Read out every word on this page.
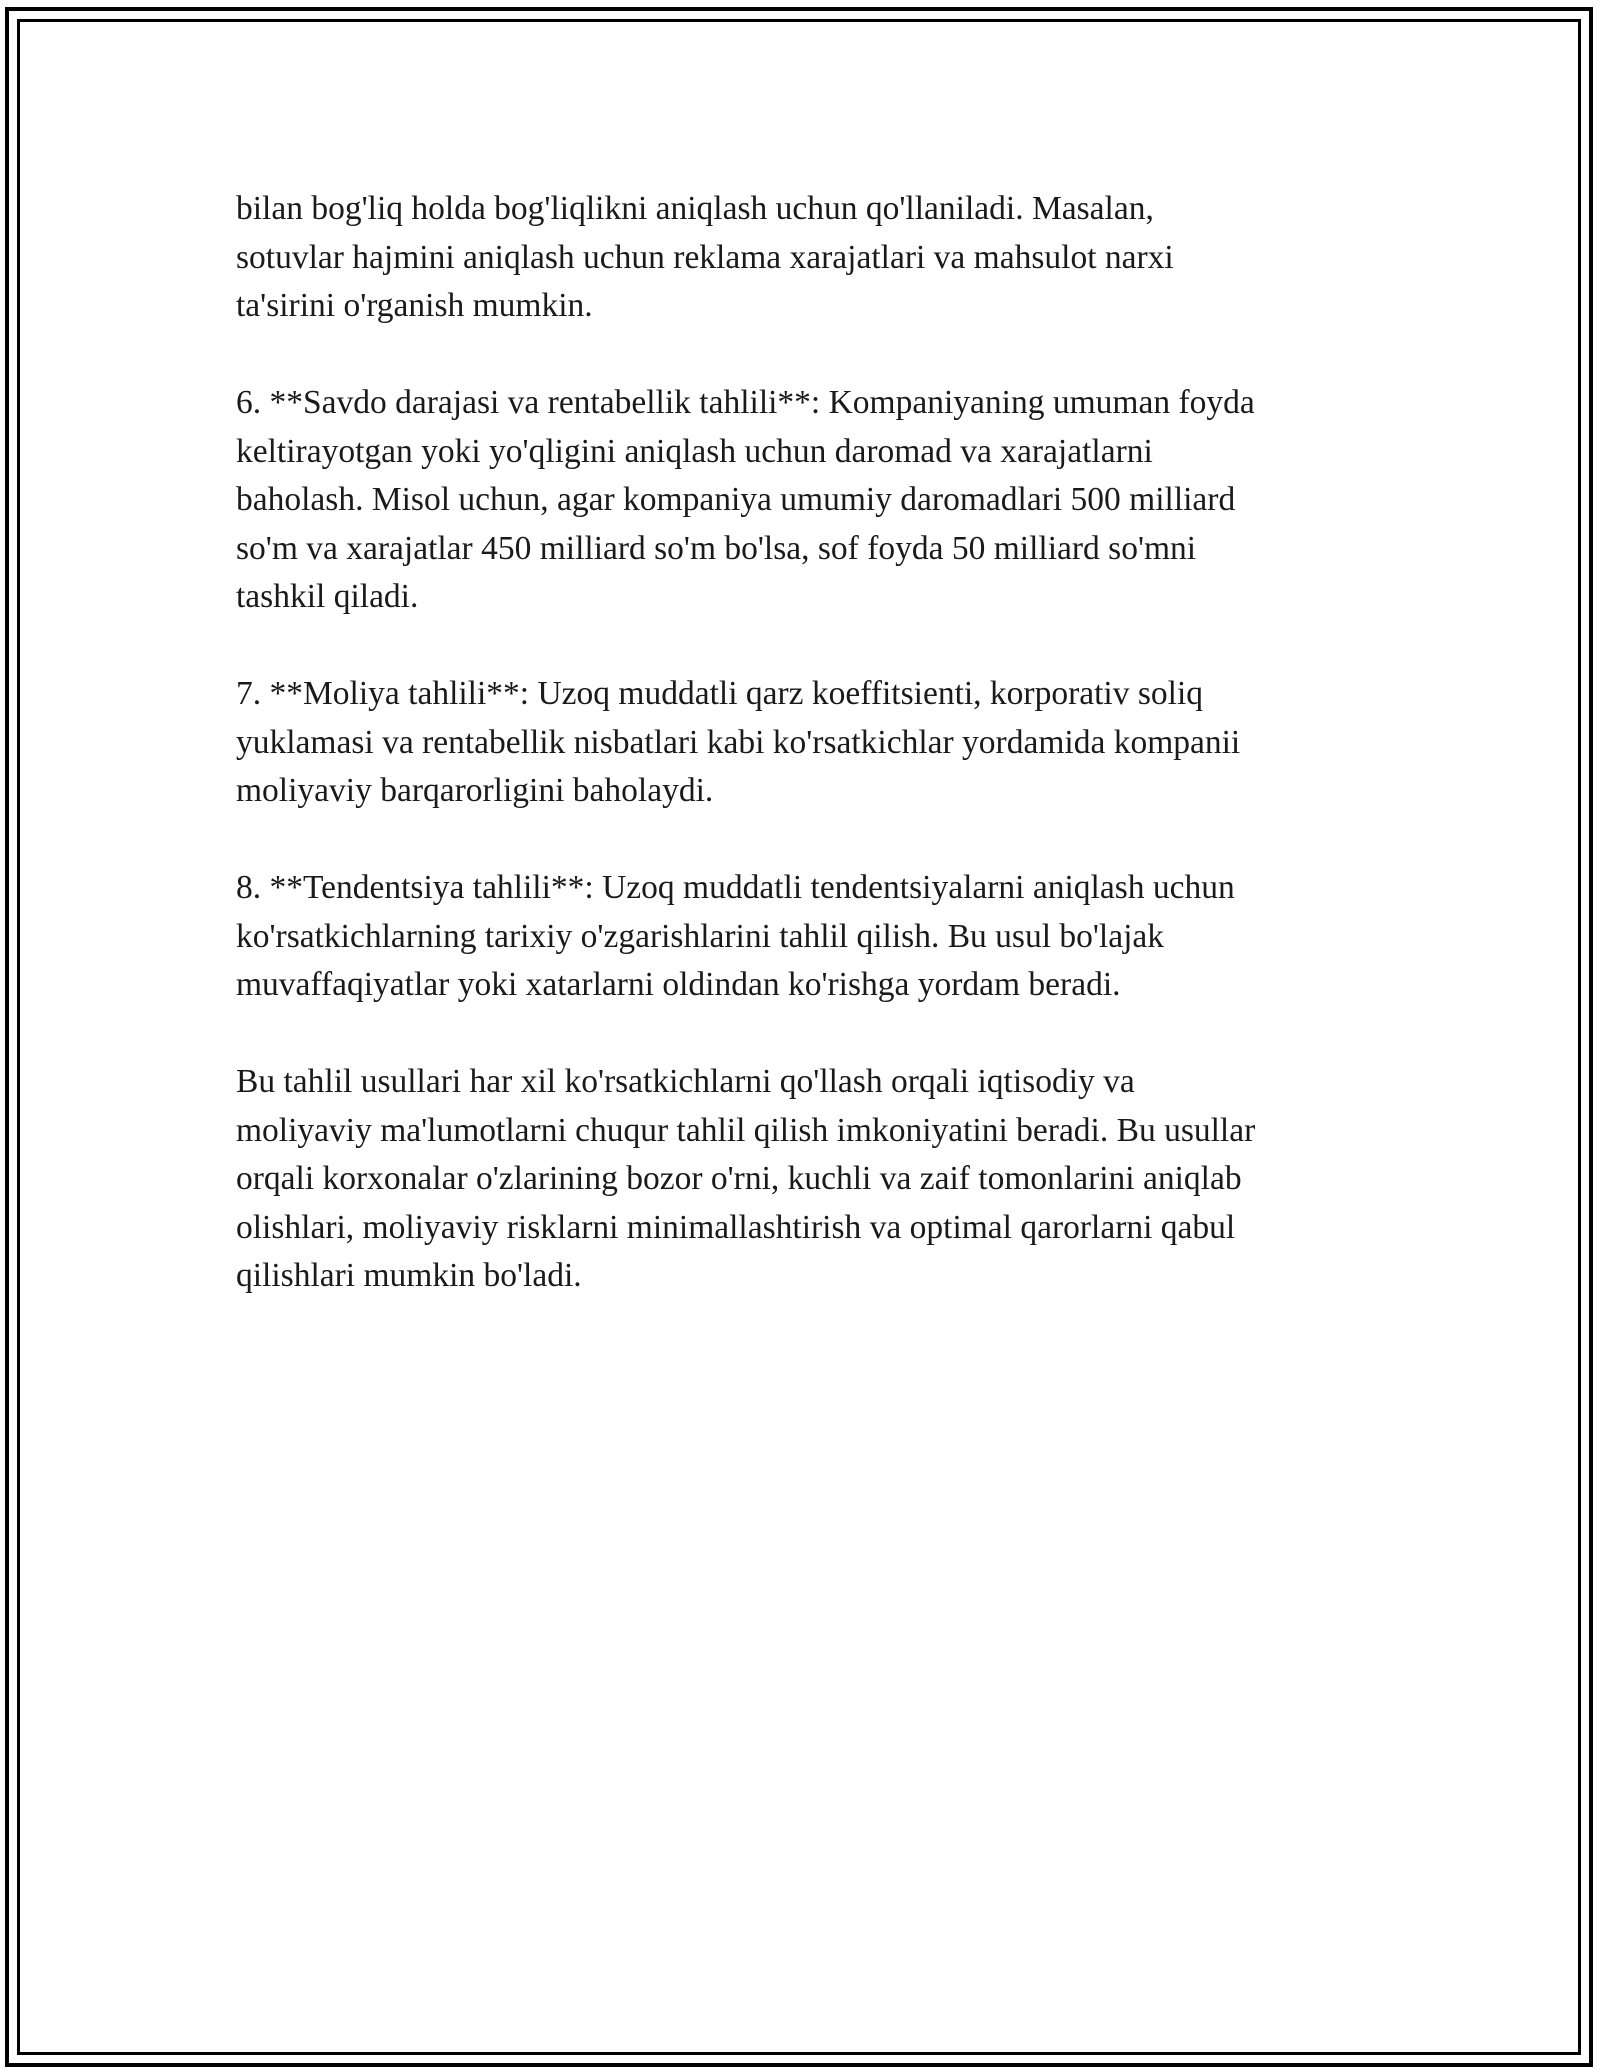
bilan bog'liq holda bog'liqlikni aniqlash uchun qo'llaniladi. Masalan,
sotuvlar hajmini aniqlash uchun reklama xarajatlari va mahsulot narxi
ta'sirini o'rganish mumkin.

6. **Savdo darajasi va rentabellik tahlili**: Kompaniyaning umuman foyda
keltirayotgan yoki yo'qligini aniqlash uchun daromad va xarajatlarni
baholash. Misol uchun, agar kompaniya umumiy daromadlari 500 milliard
so'm va xarajatlar 450 milliard so'm bo'lsa, sof foyda 50 milliard so'mni
tashkil qiladi.

7. **Moliya tahlili**: Uzoq muddatli qarz koeffitsienti, korporativ soliq
yuklamasi va rentabellik nisbatlari kabi ko'rsatkichlar yordamida kompanii
moliyaviy barqarorligini baholaydi.

8. **Tendentsiya tahlili**: Uzoq muddatli tendentsiyalarni aniqlash uchun
ko'rsatkichlarning tarixiy o'zgarishlarini tahlil qilish. Bu usul bo'lajak
muvaffaqiyatlar yoki xatarlarni oldindan ko'rishga yordam beradi.

Bu tahlil usullari har xil ko'rsatkichlarni qo'llash orqali iqtisodiy va
moliyaviy ma'lumotlarni chuqur tahlil qilish imkoniyatini beradi. Bu usullar
orqali korxonalar o'zlarining bozor o'rni, kuchli va zaif tomonlarini aniqlab
olishlari, moliyaviy risklarni minimallashtirish va optimal qarorlarni qabul
qilishlari mumkin bo'ladi.
